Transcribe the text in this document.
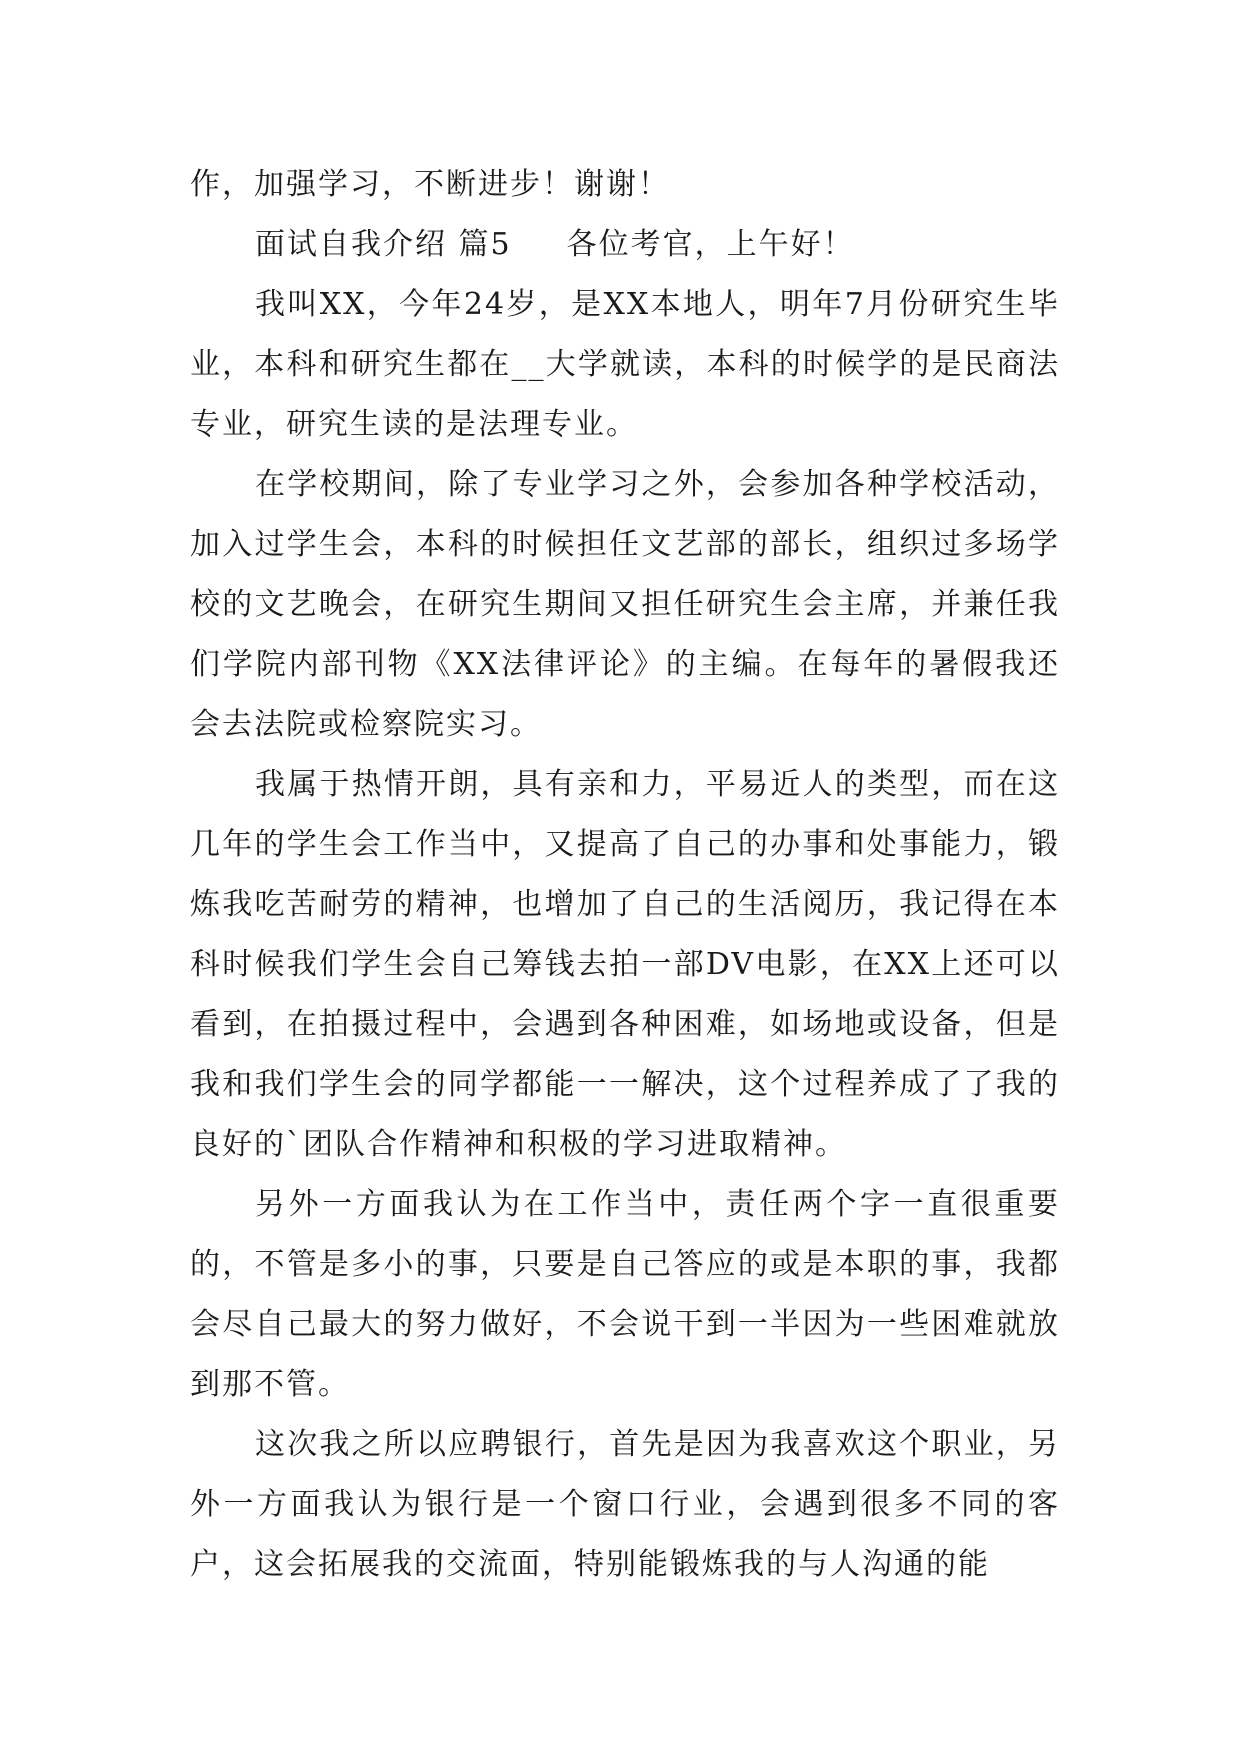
作，加强学习，不断进步！谢谢！

面试自我介绍 篇5 各位考官，上午好！

我叫XX，今年24岁，是XX本地人，明年7月份研究生毕业，本科和研究生都在__大学就读，本科的时候学的是民商法专业，研究生读的是法理专业。

在学校期间，除了专业学习之外，会参加各种学校活动，加入过学生会，本科的时候担任文艺部的部长，组织过多场学校的文艺晚会，在研究生期间又担任研究生会主席，并兼任我们学院内部刊物《XX法律评论》的主编。在每年的暑假我还会去法院或检察院实习。

我属于热情开朗，具有亲和力，平易近人的类型，而在这几年的学生会工作当中，又提高了自己的办事和处事能力，锻炼我吃苦耐劳的精神，也增加了自己的生活阅历，我记得在本科时候我们学生会自己筹钱去拍一部DV电影，在XX上还可以看到，在拍摄过程中，会遇到各种困难，如场地或设备，但是我和我们学生会的同学都能一一解决，这个过程养成了了我的良好的`团队合作精神和积极的学习进取精神。

另外一方面我认为在工作当中，责任两个字一直很重要的，不管是多小的事，只要是自己答应的或是本职的事，我都会尽自己最大的努力做好，不会说干到一半因为一些困难就放到那不管。

这次我之所以应聘银行，首先是因为我喜欢这个职业，另外一方面我认为银行是一个窗口行业，会遇到很多不同的客户，这会拓展我的交流面，特别能锻炼我的与人沟通的能
